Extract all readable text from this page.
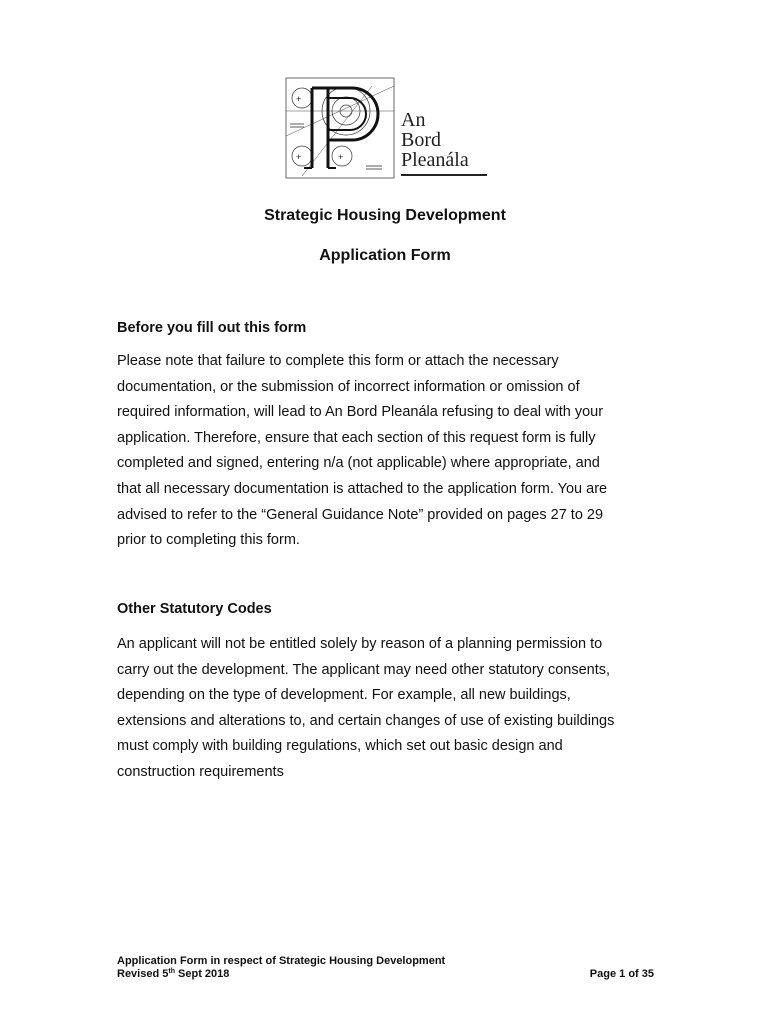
+
+
+
An
Bord
Pleanála
Strategic Housing Development
Application Form
Before you fill out this form
Please note that failure to complete this form or attach the necessary
documentation, or the submission of incorrect information or omission of
required information, will lead to An Bord Pleanála refusing to deal with your
application. Therefore, ensure that each section of this request form is fully
completed and signed, entering n/a (not applicable) where appropriate, and
that all necessary documentation is attached to the application form. You are
advised to refer to the “General Guidance Note” provided on pages 27 to 29
prior to completing this form.
Other Statutory Codes
An applicant will not be entitled solely by reason of a planning permission to
carry out the development. The applicant may need other statutory consents,
depending on the type of development. For example, all new buildings,
extensions and alterations to, and certain changes of use of existing buildings
must comply with building regulations, which set out basic design and
construction requirements
Application Form in respect of Strategic Housing Development
Revised 5th Sept 2018	Page 1 of 35
